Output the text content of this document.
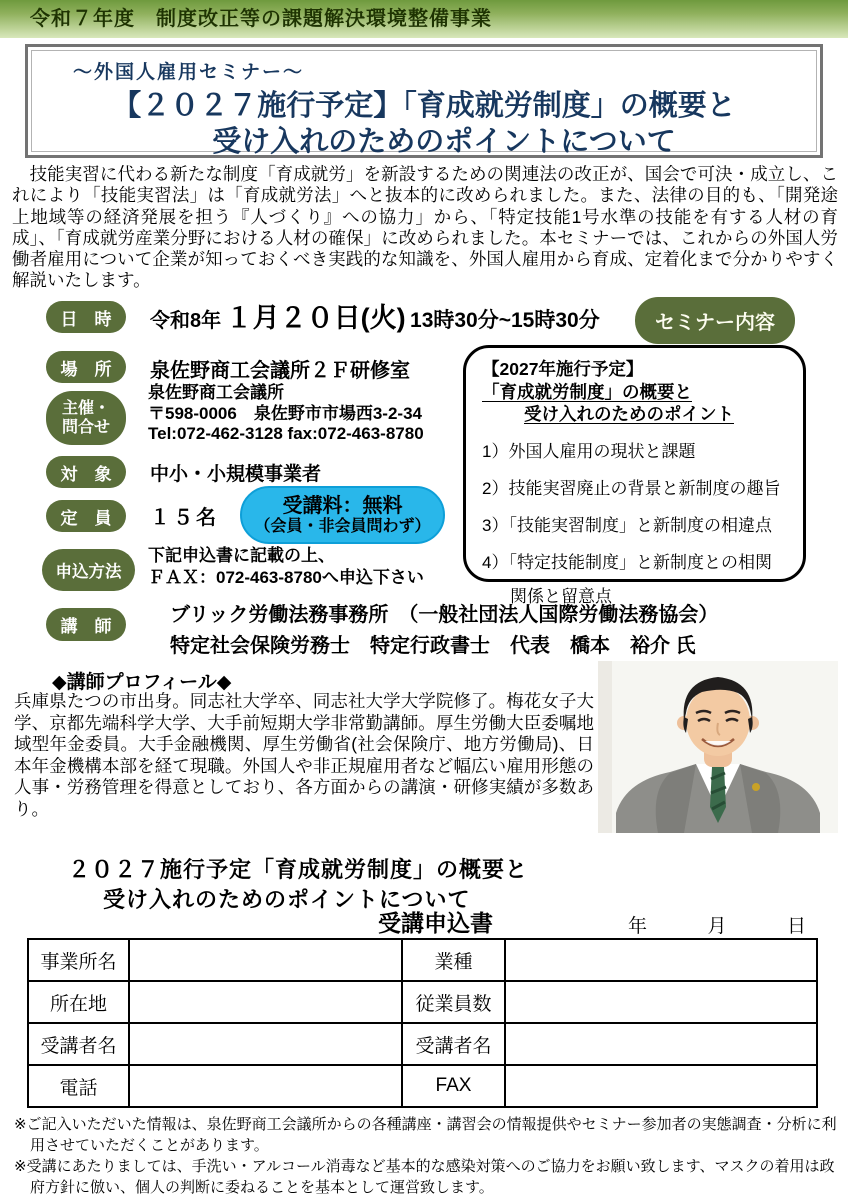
令和７年度　制度改正等の課題解決環境整備事業
～外国人雇用セミナー～
【２０２７施行予定】「育成就労制度」の概要と
受け入れのためのポイントについて
　技能実習に代わる新たな制度「育成就労」を新設するための関連法の改正が、国会で可決・成立し、これにより「技能実習法」は「育成就労法」へと抜本的に改められました。また、法律の目的も、「開発途上地域等の経済発展を担う『人づくり』への協力」から、「特定技能1号水準の技能を有する人材の育成」、「育成就労産業分野における人材の確保」に改められました。本セミナーでは、これからの外国人労働者雇用について企業が知っておくべき実践的な知識を、外国人雇用から育成、定着化まで分かりやすく解説いたします。
日　時	令和8年 １月２０日(火) 13時30分~15時30分
場　所	泉佐野商工会議所２Ｆ研修室
主催・
問合せ
泉佐野商工会議所
〒598-0006　泉佐野市市場西3-2-34
Tel:072-462-3128 fax:072-463-8780
セミナー内容
【2027年施行予定】
「育成就労制度」の概要と
受け入れのためのポイント
1）外国人雇用の現状と課題
2）技能実習廃止の背景と新制度の趣旨
3）「技能実習制度」と新制度の相違点
4）「特定技能制度」と新制度との相関
関係と留意点
対　象	中小・小規模事業者
定　員	１５名
受講料：無料
（会員・非会員問わず）
申込方法
下記申込書に記載の上、
ＦＡＸ：072-463-8780へ申込下さい
講　師
ブリック労働法務事務所　（一般社団法人国際労働法務協会）
特定社会保険労務士　特定行政書士　代表　橋本　裕介 氏
◆講師プロフィール◆
兵庫県たつの市出身。同志社大学卒、同志社大学大学院修了。梅花女子大学、京都先端科学大学、大手前短期大学非常勤講師。厚生労働大臣委嘱地域型年金委員。大手金融機関、厚生労働省(社会保険庁、地方労働局)、日本年金機構本部を経て現職。外国人や非正規雇用者など幅広い雇用形態の人事・労務管理を得意としており、各方面からの講演・研修実績が多数あり。
２０２７施行予定「育成就労制度」の概要と
受け入れのためのポイントについて
受講申込書	年	月	日
事業所名		業種	
所在地		従業員数	
受講者名		受講者名	
電話		FAX	
※ご記入いただいた情報は、泉佐野商工会議所からの各種講座・講習会の情報提供やセミナー参加者の実態調査・分析に利用させていただくことがあります。
※受講にあたりましては、手洗い・アルコール消毒など基本的な感染対策へのご協力をお願い致します、マスクの着用は政府方針に倣い、個人の判断に委ねることを基本として運営致します。
